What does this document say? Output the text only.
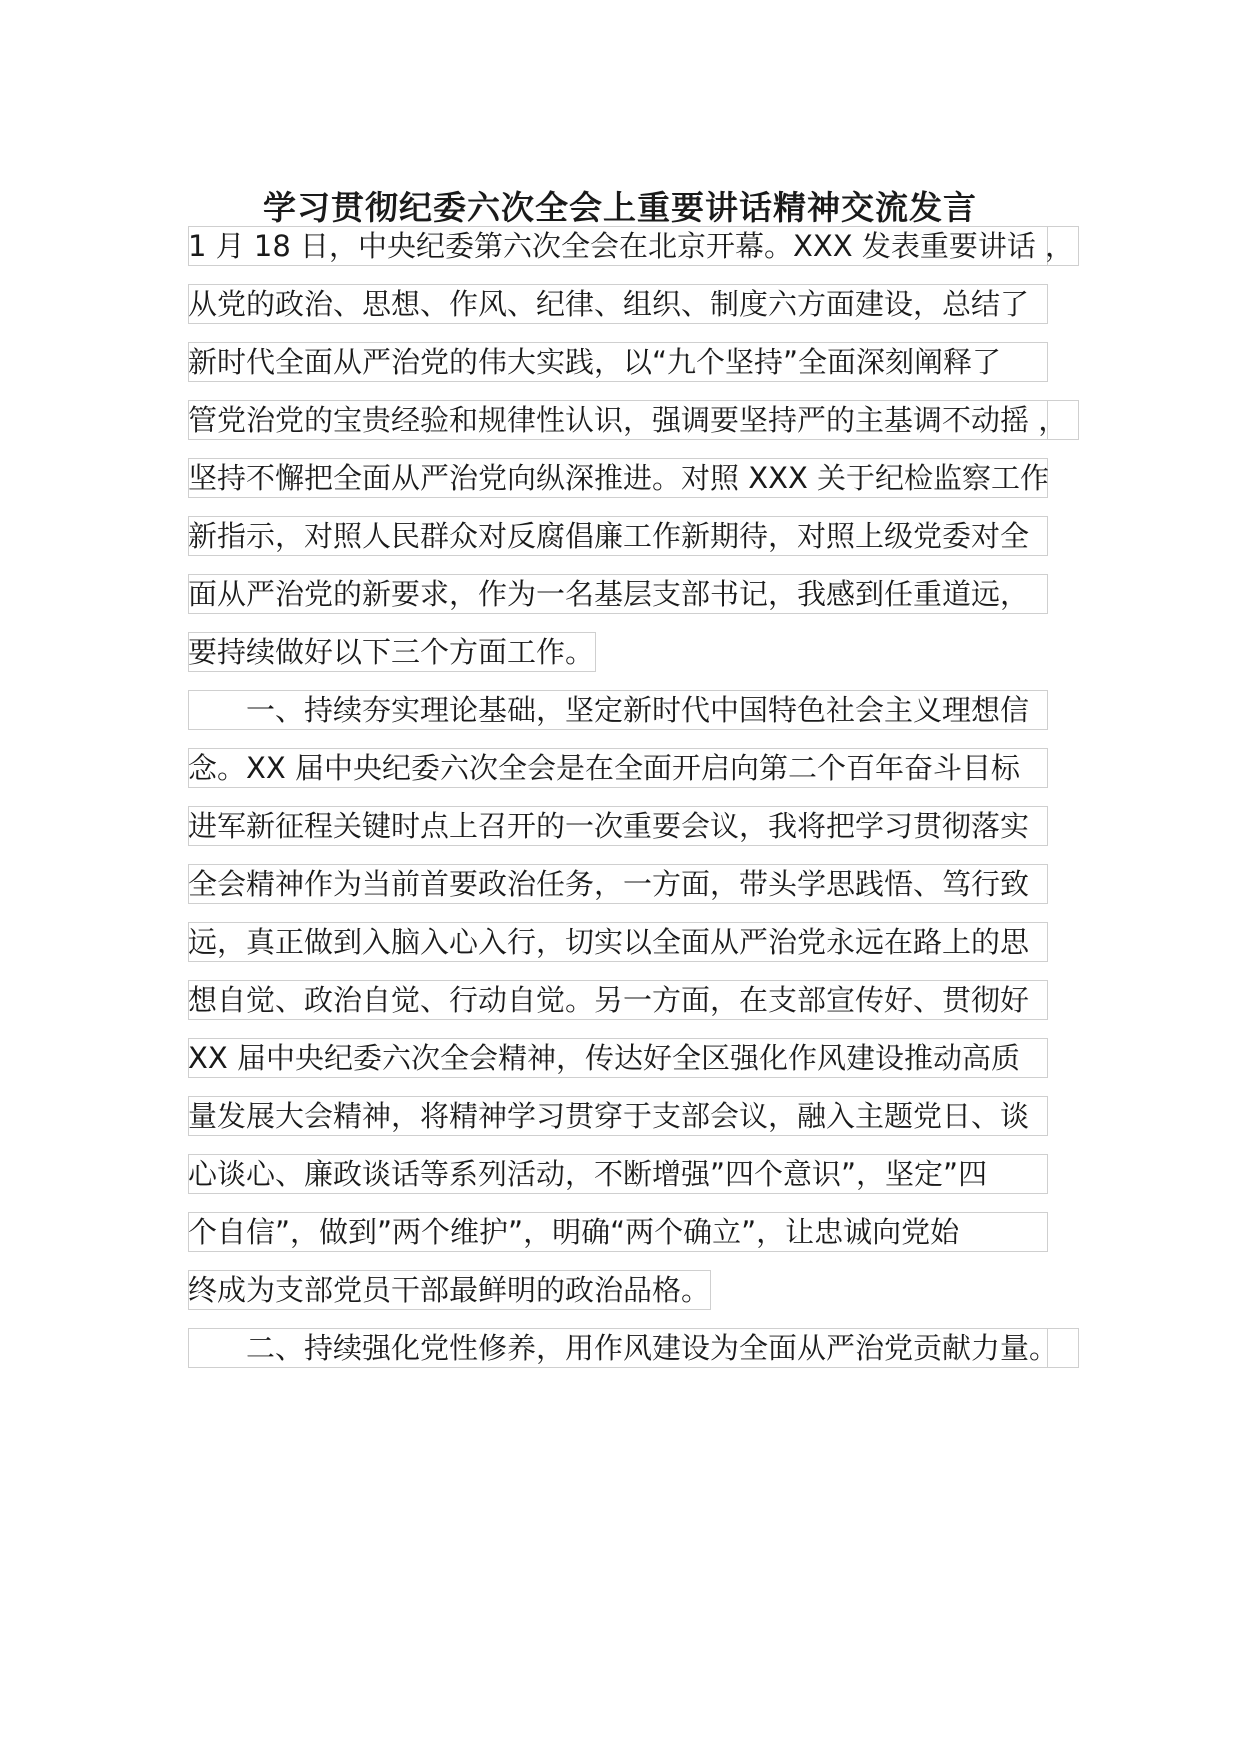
学习贯彻纪委六次全会上重要讲话精神交流发言
1 月 18 日，中央纪委第六次全会在北京开幕。XXX 发表重要讲话 ，
从党的政治、思想、作风、纪律、组织、制度六方面建设，总结了
新时代全面从严治党的伟大实践，以“九个坚持”全面深刻阐释了
管党治党的宝贵经验和规律性认识，强调要坚持严的主基调不动摇 ，
坚持不懈把全面从严治党向纵深推进。对照 XXX 关于纪检监察工作
新指示，对照人民群众对反腐倡廉工作新期待，对照上级党委对全
面从严治党的新要求，作为一名基层支部书记，我感到任重道远，
要持续做好以下三个方面工作。
一、持续夯实理论基础，坚定新时代中国特色社会主义理想信
念。XX 届中央纪委六次全会是在全面开启向第二个百年奋斗目标
进军新征程关键时点上召开的一次重要会议，我将把学习贯彻落实
全会精神作为当前首要政治任务，一方面，带头学思践悟、笃行致
远，真正做到入脑入心入行，切实以全面从严治党永远在路上的思
想自觉、政治自觉、行动自觉。另一方面，在支部宣传好、贯彻好
XX 届中央纪委六次全会精神，传达好全区强化作风建设推动高质
量发展大会精神，将精神学习贯穿于支部会议，融入主题党日、谈
心谈心、廉政谈话等系列活动，不断增强”四个意识”，坚定”四
个自信”，做到”两个维护”，明确“两个确立”，让忠诚向党始
终成为支部党员干部最鲜明的政治品格。
二、持续强化党性修养，用作风建设为全面从严治党贡献力量。
